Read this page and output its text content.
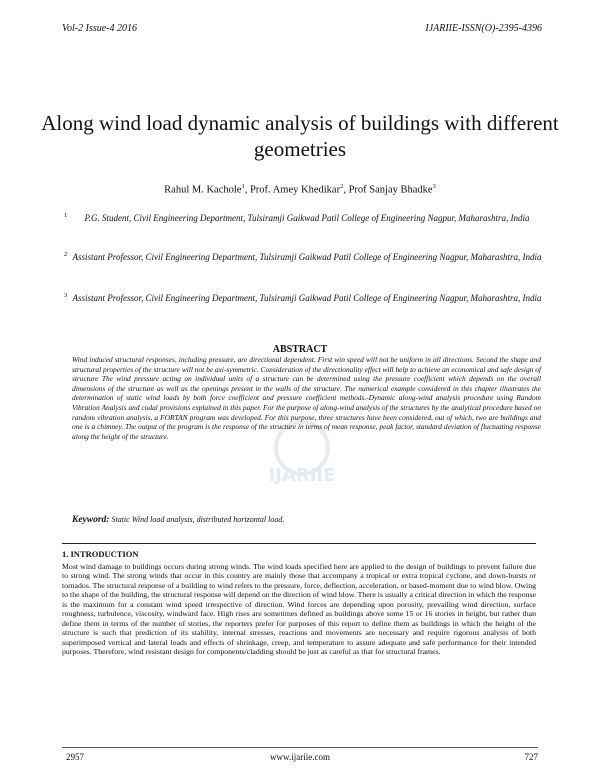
Vol-2 Issue-4 2016	IJARIIE-ISSN(O)-2395-4396
Along wind load dynamic analysis of buildings with different geometries
Rahul M. Kachole$^1$, Prof. Amey Khedikar$^2$, Prof Sanjay Bhadke$^3$
1 P.G. Student, Civil Engineering Department, Tulsiramji Gaikwad Patil College of Engineering Nagpur, Maharashtra, India
2 Assistant Professor, Civil Engineering Department, Tulsiramji Gaikwad Patil College of Engineering Nagpur, Maharashtra, India
3 Assistant Professor, Civil Engineering Department, Tulsiramji Gaikwad Patil College of Engineering Nagpur, Maharashtra, India
IJARIIE
ABSTRACT
Wind induced structural responses, including pressure, are directional dependent. First win speed will not be uniform in all directions. Second the shape and structural properties of the structure will not be axi-symmetric. Consideration of the directionality effect will help to achieve an economical and safe design of structure The wind pressure acting on individual units of a structure can be determined using the pressure coefficient which depends on the overall dimensions of the structure as well as the openings present in the walls of the structure. The numerical example considered in this chapter illustrates the determination of static wind loads by both force coefficient and pressure coefficient methods.-Dynamic along-wind analysis procedure using Random Vibration Analysis and codal provisions explained in this paper. For the purpose of along-wind analysis of the structures by the analytical procedure based on random vibration analysis, a FORTAN program was developed. For this purpose, three structures have been considered, out of which, two are buildings and one is a chimney. The output of the program is the response of the structure in terms of mean response, peak factor, standard deviation of fluctuating response along the height of the structure.
Keyword: Static Wind load analysis, distributed horizontal load.
1. INTRODUCTION
Most wind damage to buildings occurs during strong winds. The wind loads specified here are applied to the design of buildings to prevent failure due to strong wind. The strong winds that occur in this country are mainly those that accompany a tropical or extra tropical cyclone, and down-bursts or tornados. The structural response of a building to wind refers to the pressure, force, deflection, acceleration, or based-moment due to wind blow. Owing to the shape of the building, the structural response will depend on the direction of wind blow. There is usually a critical direction in which the response is the maximum for a constant wind speed irrespective of direction. Wind forces are depending upon porosity, prevailing wind direction, surface roughness, turbulence, viscosity, windward face. High rises are sometimes defined as buildings above some 15 or 16 stories in height, but rather than define them in terms of the number of stories, the reporters prefer for purposes of this report to define them as buildings in which the height of the structure is such that prediction of its stability, internal stresses, reactions and movements are necessary and require rigorous analysis of both superimposed vertical and lateral loads and effects of shrinkage, creep, and temperature to assure adequate and safe performance for their intended purposes. Therefore, wind resistant design for components/cladding should be just as careful as that for structural frames.
2957	www.ijariie.com	727
